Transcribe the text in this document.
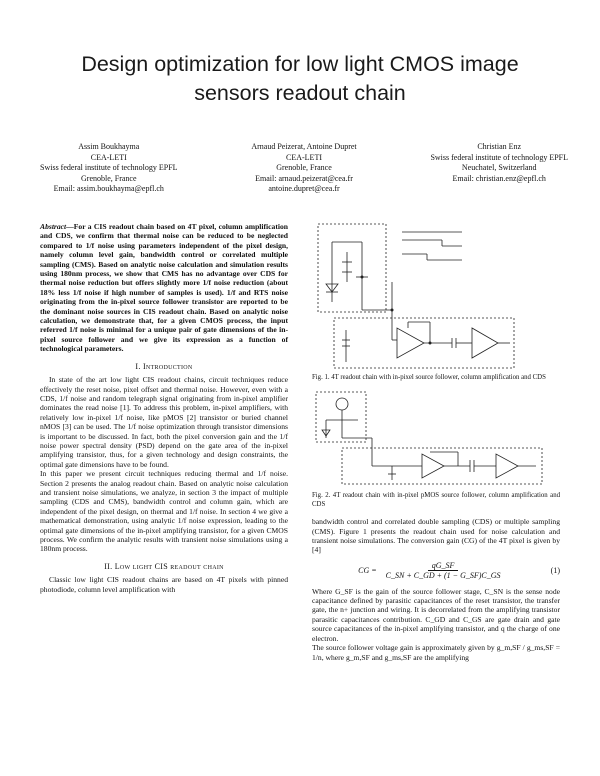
Design optimization for low light CMOS image
sensors readout chain
Assim Boukhayma
CEA-LETI
Swiss federal institute of technology EPFL
Grenoble, France
Email: assim.boukhayma@epfl.ch
Arnaud Peizerat, Antoine Dupret
CEA-LETI
Grenoble, France
Email: arnaud.peizerat@cea.fr
antoine.dupret@cea.fr
Christian Enz
Swiss federal institute of technology EPFL
Neuchatel, Switzerland
Email: christian.enz@epfl.ch
Abstract—For a CIS readout chain based on 4T pixel, column amplification and CDS, we confirm that thermal noise can be reduced to be neglected compared to 1/f noise using parameters independent of the pixel design, namely column level gain, bandwidth control or correlated multiple sampling (CMS). Based on analytic noise calculation and simulation results using 180nm process, we show that CMS has no advantage over CDS for thermal noise reduction but offers slightly more 1/f noise reduction (about 18% less 1/f noise if high number of samples is used). 1/f and RTS noise originating from the in-pixel source follower transistor are reported to be the dominant noise sources in CIS readout chain. Based on analytic noise calculation, we demonstrate that, for a given CMOS process, the input referred 1/f noise is minimal for a unique pair of gate dimensions of the in-pixel source follower and we give its expression as a function of technological parameters.
I. Introduction

In state of the art low light CIS readout chains, circuit techniques reduce effectively the reset noise, pixel offset and thermal noise. However, even with a CDS, 1/f noise and random telegraph signal originating from in-pixel amplifier dominates the read noise [1]. To address this problem, in-pixel amplifiers, with relatively low in-pixel 1/f noise, like pMOS [2] transistor or buried channel nMOS [3] can be used. The 1/f noise optimization through transistor dimensions is important to be discussed. In fact, both the pixel conversion gain and the 1/f noise power spectral density (PSD) depend on the gate area of the in-pixel amplifying transistor, thus, for a given technology and design constraints, the optimal gate dimensions have to be found.

In this paper we present circuit techniques reducing thermal and 1/f noise. Section 2 presents the analog readout chain. Based on analytic noise calculation and transient noise simulations, we analyze, in section 3 the impact of multiple sampling (CDS and CMS), bandwidth control and column gain, which are independent of the pixel design, on thermal and 1/f noise. In section 4 we give a mathematical demonstration, using analytic 1/f noise expression, leading to the optimal gate dimensions of the in-pixel amplifying transistor, for a given CMOS process. We confirm the analytic results with transient noise simulations using a 180nm process.

II. Low light CIS readout chain

Classic low light CIS readout chains are based on 4T pixels with pinned photodiode, column level amplification with

Fig. 1. 4T readout chain with in-pixel source follower, column amplification and CDS
Fig. 2. 4T readout chain with in-pixel pMOS source follower, column amplification and CDS

bandwidth control and correlated double sampling (CDS) or multiple sampling (CMS). Figure 1 presents the readout chain used for noise calculation and transient noise simulations. The conversion gain (CG) of the 4T pixel is given by [4]

CG = $\frac{qG\_SF}{C\_SN + C\_GD + (1 - G\_SF)C\_GS}$	(1)

Where G_SF is the gain of the source follower stage, C_SN is the sense node capacitance defined by parasitic capacitances of the reset transistor, the transfer gate, the n+ junction and wiring. It is decorrelated from the amplifying transistor parasitic capacitances contribution. C_GD and C_GS are gate drain and gate source capacitances of the in-pixel amplifying transistor, and q the charge of one electron.

The source follower voltage gain is approximately given by g_m,SF / g_ms,SF = 1/n, where g_m,SF and g_ms,SF are the amplifying
